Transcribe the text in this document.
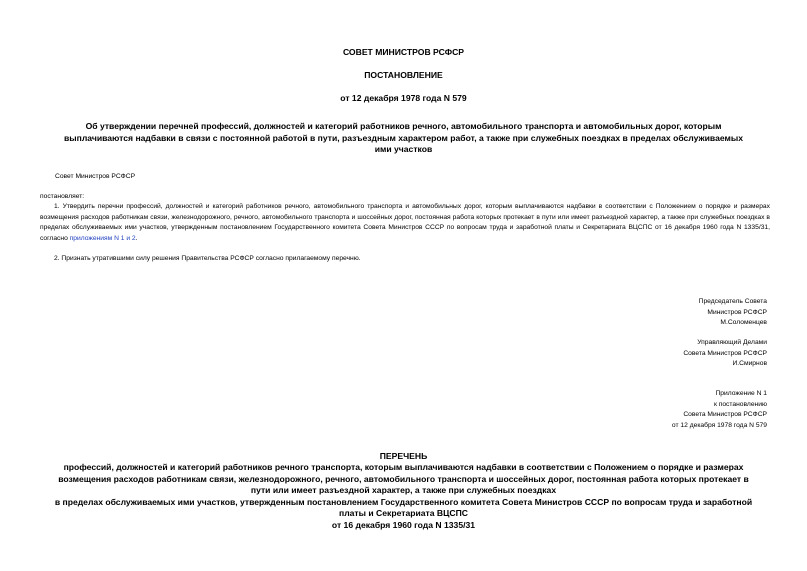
СОВЕТ МИНИСТРОВ РСФСР
ПОСТАНОВЛЕНИЕ
от 12 декабря 1978 года N 579
Об утверждении перечней профессий, должностей и категорий работников речного, автомобильного транспорта и автомобильных дорог, которым выплачиваются надбавки в связи с постоянной работой в пути, разъездным характером работ, а также при служебных поездках в пределах обслуживаемых ими участков
Совет Министров РСФСР
постановляет:
1. Утвердить перечни профессий, должностей и категорий работников речного, автомобильного транспорта и автомобильных дорог, которым выплачиваются надбавки в соответствии с Положением о порядке и размерах возмещения расходов работникам связи, железнодорожного, речного, автомобильного транспорта и шоссейных дорог, постоянная работа которых протекает в пути или имеет разъездной характер, а также при служебных поездках в пределах обслуживаемых ими участков, утвержденным постановлением Государственного комитета Совета Министров СССР по вопросам труда и заработной платы и Секретариата ВЦСПС от 16 декабря 1960 года N 1335/31, согласно приложениям N 1 и 2.
2. Признать утратившими силу решения Правительства РСФСР согласно прилагаемому перечню.
Председатель Совета
Министров РСФСР
М.Соломенцев
Управляющий Делами
Совета Министров РСФСР
И.Смирнов
Приложение N 1
к постановлению
Совета Министров РСФСР
от 12 декабря 1978 года N 579
ПЕРЕЧЕНЬ
профессий, должностей и категорий работников речного транспорта, которым выплачиваются надбавки в соответствии с Положением о порядке и размерах
возмещения расходов работникам связи, железнодорожного, речного, автомобильного транспорта и шоссейных дорог, постоянная работа которых протекает в
пути или имеет разъездной характер, а также при служебных поездках
в пределах обслуживаемых ими участков, утвержденным постановлением Государственного комитета Совета Министров СССР по вопросам труда и заработной
платы и Секретариата ВЦСПС
от 16 декабря 1960 года N 1335/31
